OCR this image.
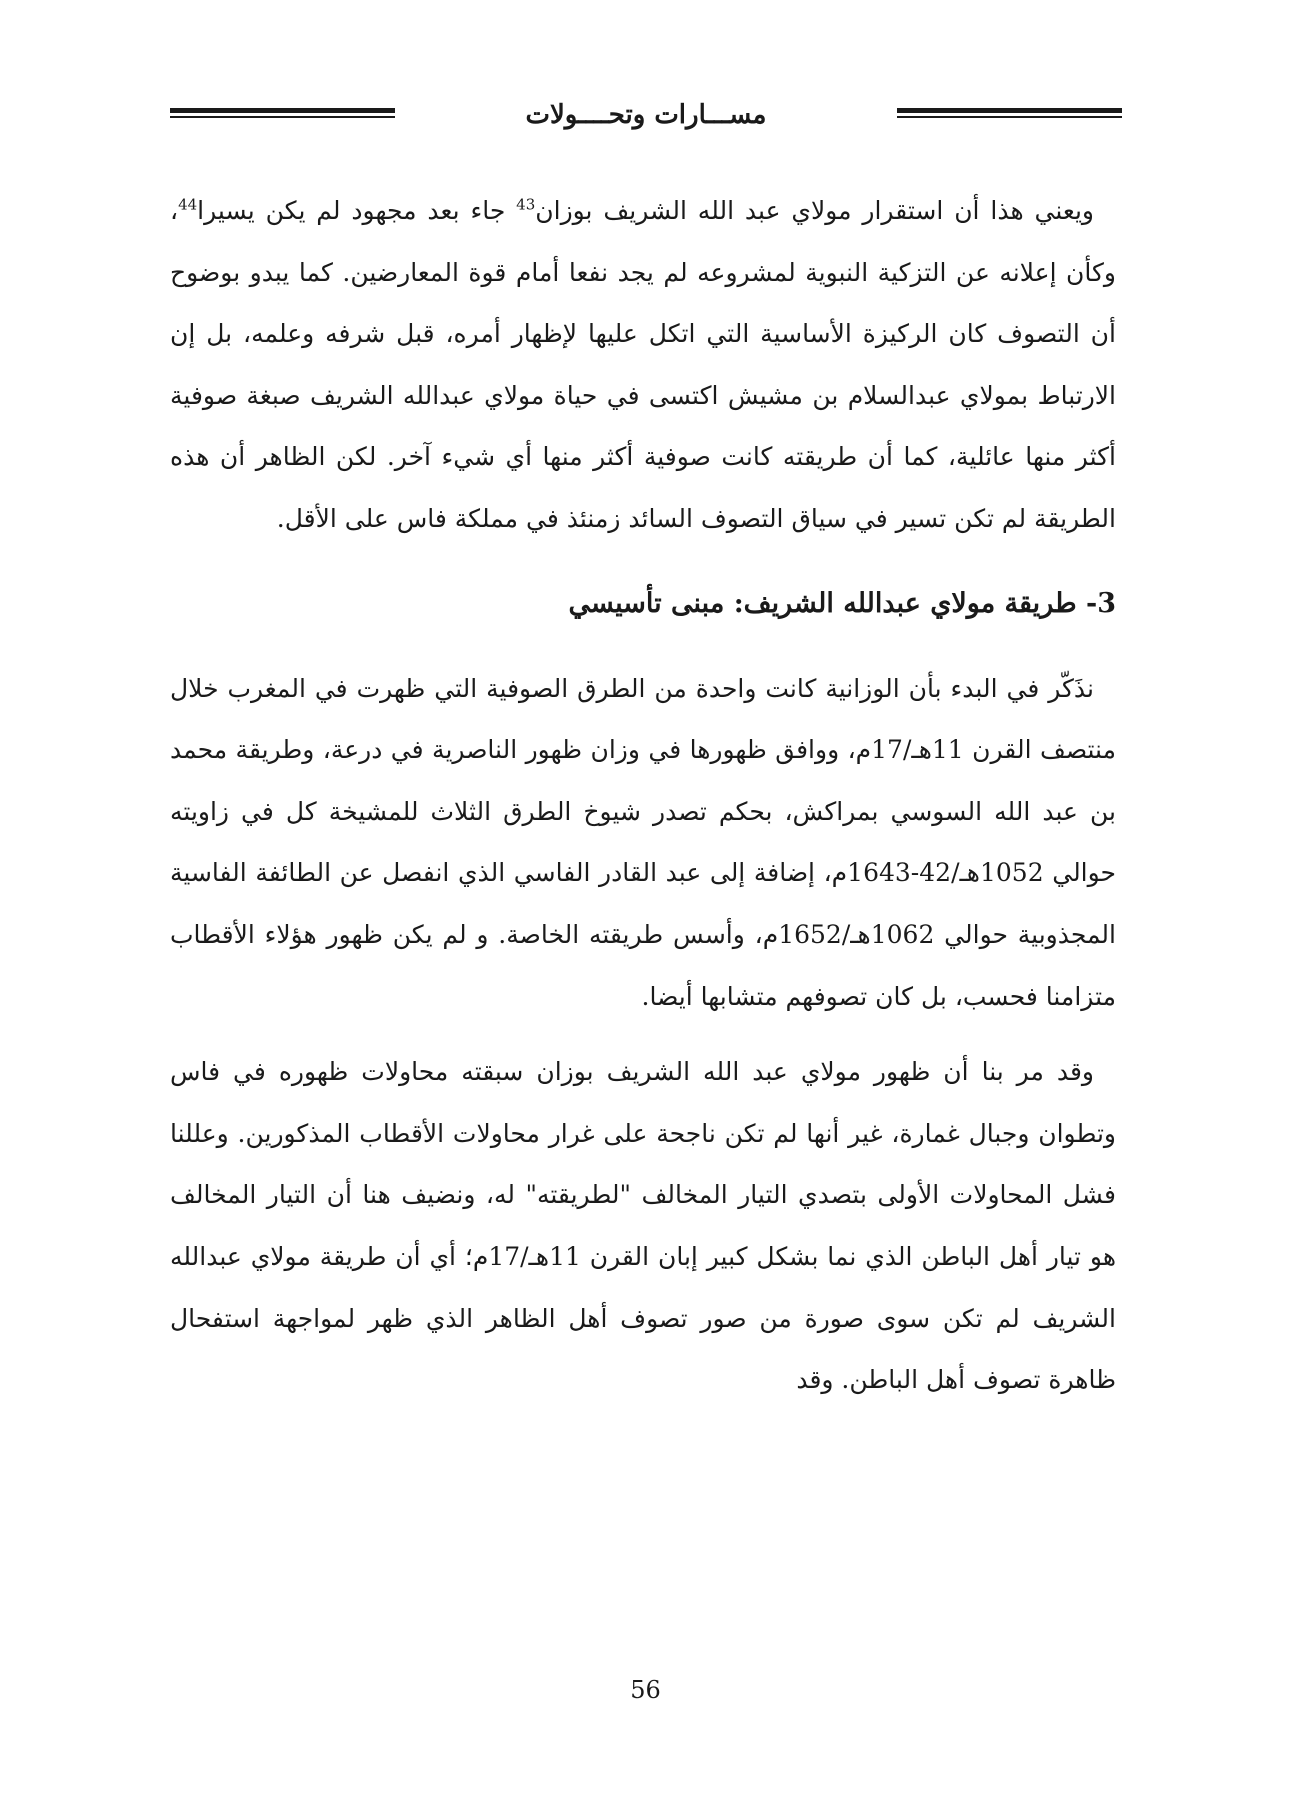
مســـارات وتحــــولات

ويعني هذا أن استقرار مولاي عبد الله الشريف بوزان$^{43}$ جاء بعد مجهود لم يكن يسيرا$^{44}$، وكأن إعلانه عن التزكية النبوية لمشروعه لم يجد نفعا أمام قوة المعارضين. كما يبدو بوضوح أن التصوف كان الركيزة الأساسية التي اتكل عليها لإظهار أمره، قبل شرفه وعلمه، بل إن الارتباط بمولاي عبدالسلام بن مشيش اكتسى في حياة مولاي عبدالله الشريف صبغة صوفية أكثر منها عائلية، كما أن طريقته كانت صوفية أكثر منها أي شيء آخر. لكن الظاهر أن هذه الطريقة لم تكن تسير في سياق التصوف السائد زمنئذ في مملكة فاس على الأقل.

3- طريقة مولاي عبدالله الشريف: مبنى تأسيسي

نذَكّر في البدء بأن الوزانية كانت واحدة من الطرق الصوفية التي ظهرت في المغرب خلال منتصف القرن 11هـ/17م، ووافق ظهورها في وزان ظهور الناصرية في درعة، وطريقة محمد بن عبد الله السوسي بمراكش، بحكم تصدر شيوخ الطرق الثلاث للمشيخة كل في زاويته حوالي 1052هـ/42-1643م، إضافة إلى عبد القادر الفاسي الذي انفصل عن الطائفة الفاسية المجذوبية حوالي 1062هـ/1652م، وأسس طريقته الخاصة. و لم يكن ظهور هؤلاء الأقطاب متزامنا فحسب، بل كان تصوفهم متشابها أيضا.

وقد مر بنا أن ظهور مولاي عبد الله الشريف بوزان سبقته محاولات ظهوره في فاس وتطوان وجبال غمارة، غير أنها لم تكن ناجحة على غرار محاولات الأقطاب المذكورين. وعللنا فشل المحاولات الأولى بتصدي التيار المخالف "لطريقته" له، ونضيف هنا أن التيار المخالف هو تيار أهل الباطن الذي نما بشكل كبير إبان القرن 11هـ/17م؛ أي أن طريقة مولاي عبدالله الشريف لم تكن سوى صورة من صور تصوف أهل الظاهر الذي ظهر لمواجهة استفحال ظاهرة تصوف أهل الباطن. وقد

56
